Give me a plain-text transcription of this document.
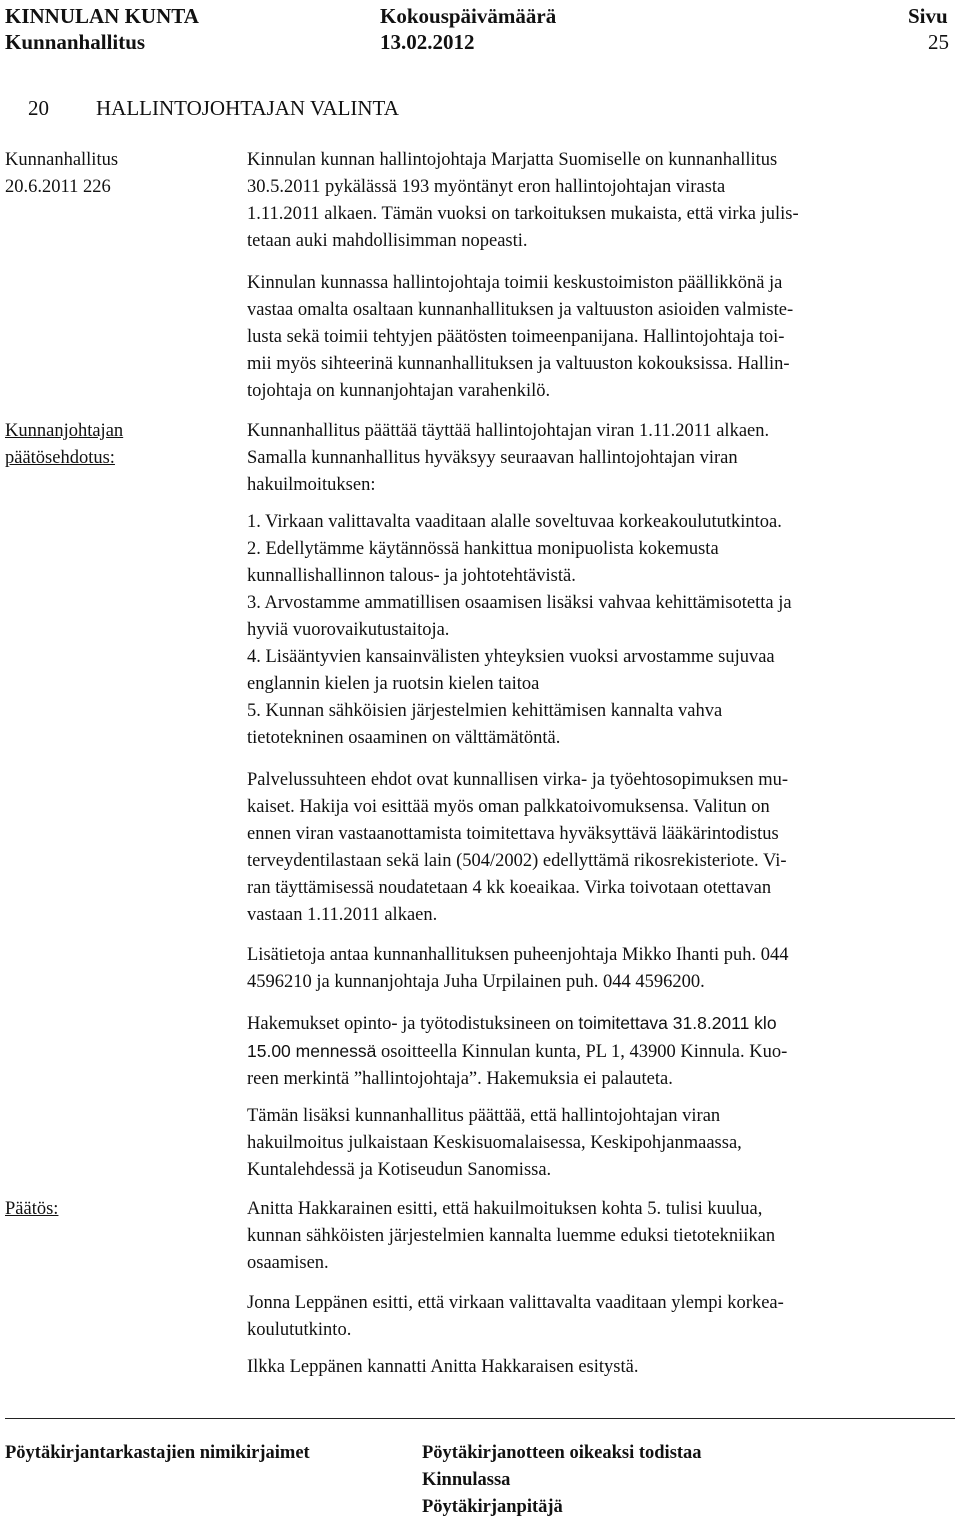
KINNULAN KUNTA
Kunnanhallitus
Kokouspäivämäärä
13.02.2012
Sivu
25
20 HALLINTOJOHTAJAN VALINTA
Kunnanhallitus
20.6.2011 226
Kunnanjohtajan
päätösehdotus:
Päätös:
Kinnulan kunnan hallintojohtaja Marjatta Suomiselle on kunnanhallitus
30.5.2011 pykälässä 193 myöntänyt eron hallintojohtajan virasta
1.11.2011 alkaen. Tämän vuoksi on tarkoituksen mukaista, että virka julis-
tetaan auki mahdollisimman nopeasti.
Kinnulan kunnassa hallintojohtaja toimii keskustoimiston päällikkönä ja
vastaa omalta osaltaan kunnanhallituksen ja valtuuston asioiden valmiste-
lusta sekä toimii tehtyjen päätösten toimeenpanijana. Hallintojohtaja toi-
mii myös sihteerinä kunnanhallituksen ja valtuuston kokouksissa. Hallin-
tojohtaja on kunnanjohtajan varahenkilö.
Kunnanhallitus päättää täyttää hallintojohtajan viran 1.11.2011 alkaen.
Samalla kunnanhallitus hyväksyy seuraavan hallintojohtajan viran
hakuilmoituksen:
1. Virkaan valittavalta vaaditaan alalle soveltuvaa korkeakoulututkintoa.
2. Edellytämme käytännössä hankittua monipuolista kokemusta
kunnallishallinnon talous- ja johtotehtävistä.
3. Arvostamme ammatillisen osaamisen lisäksi vahvaa kehittämisotetta ja
hyviä vuorovaikutustaitoja.
4. Lisääntyvien kansainvälisten yhteyksien vuoksi arvostamme sujuvaa
englannin kielen ja ruotsin kielen taitoa
5. Kunnan sähköisien järjestelmien kehittämisen kannalta vahva
tietotekninen osaaminen on välttämätöntä.
Palvelussuhteen ehdot ovat kunnallisen virka- ja työehtosopimuksen mu-
kaiset. Hakija voi esittää myös oman palkkatoivomuksensa. Valitun on
ennen viran vastaanottamista toimitettava hyväksyttävä lääkärintodistus
terveydentilastaan sekä lain (504/2002) edellyttämä rikosrekisteriote. Vi-
ran täyttämisessä noudatetaan 4 kk koeaikaa. Virka toivotaan otettavan
vastaan 1.11.2011 alkaen.
Lisätietoja antaa kunnanhallituksen puheenjohtaja Mikko Ihanti puh. 044
4596210 ja kunnanjohtaja Juha Urpilainen puh. 044 4596200.
Hakemukset opinto- ja työtodistuksineen on toimitettava 31.8.2011 klo
15.00 mennessä osoitteella Kinnulan kunta, PL 1, 43900 Kinnula. Kuo-
reen merkintä ”hallintojohtaja”. Hakemuksia ei palauteta.
Tämän lisäksi kunnanhallitus päättää, että hallintojohtajan viran
hakuilmoitus julkaistaan Keskisuomalaisessa, Keskipohjanmaassa,
Kuntalehdessä ja Kotiseudun Sanomissa.
Anitta Hakkarainen esitti, että hakuilmoituksen kohta 5. tulisi kuulua,
kunnan sähköisten järjestelmien kannalta luemme eduksi tietotekniikan
osaamisen.
Jonna Leppänen esitti, että virkaan valittavalta vaaditaan ylempi korkea-
koulututkinto.
Ilkka Leppänen kannatti Anitta Hakkaraisen esitystä.
Pöytäkirjantarkastajien nimikirjaimet	Pöytäkirjanotteen oikeaksi todistaa
Kinnulassa
Pöytäkirjanpitäjä
